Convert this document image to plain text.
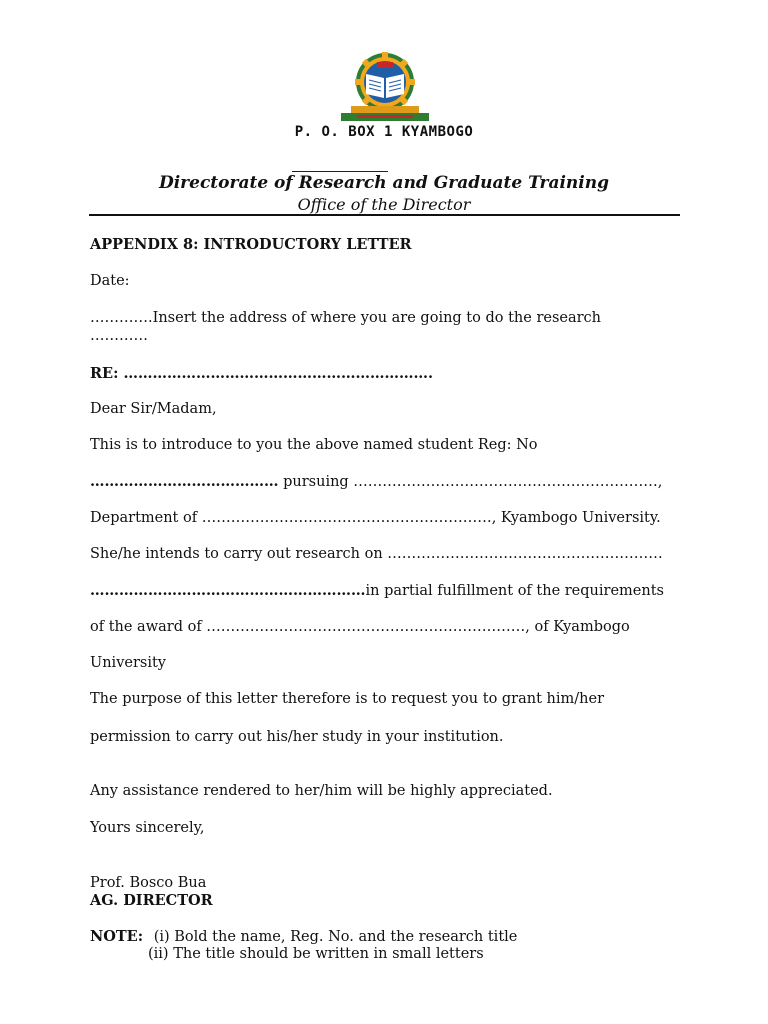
P. O. BOX 1 KYAMBOGO
Directorate of Research and Graduate Training
Office of the Director
APPENDIX 8: INTRODUCTORY LETTER
Date:
………….Insert the address of where you are going to do the research
…………
RE: ……………………………………………………….
Dear Sir/Madam,
This is to introduce to you the above named student Reg: No
………………………………… pursuing ………………………………………………………,
Department of ……………………………………………………, Kyambogo University.
She/he intends to carry out research on …………………………………………………
…………………………………………………in partial fulfillment of the requirements
of the award of …………………………………………………………, of Kyambogo
University
The purpose of this letter therefore is to request you to grant him/her
permission to carry out his/her study in your institution.
Any assistance rendered to her/him will be highly appreciated.
Yours sincerely,
Prof. Bosco Bua
AG. DIRECTOR
NOTE: (i) Bold the name, Reg. No. and the research title
(ii) The title should be written in small letters
